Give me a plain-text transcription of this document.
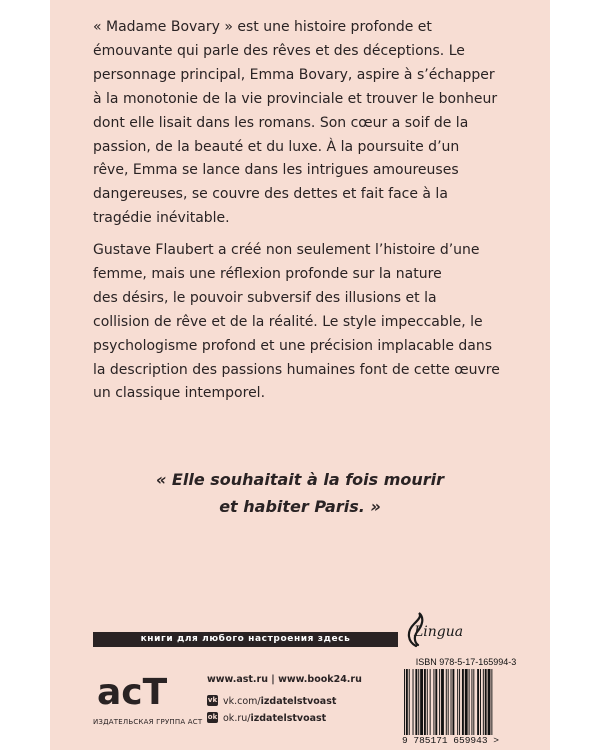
« Madame Bovary » est une histoire profonde et
émouvante qui parle des rêves et des déceptions. Le
personnage principal, Emma Bovary, aspire à s’échapper
à la monotonie de la vie provinciale et trouver le bonheur
dont elle lisait dans les romans. Son cœur a soif de la
passion, de la beauté et du luxe. À la poursuite d’un
rêve, Emma se lance dans les intrigues amoureuses
dangereuses, se couvre des dettes et fait face à la
tragédie inévitable.
Gustave Flaubert a créé non seulement l’histoire d’une
femme, mais une réflexion profonde sur la nature
des désirs, le pouvoir subversif des illusions et la
collision de rêve et de la réalité. Le style impeccable, le
psychologisme profond et une précision implacable dans
la description des passions humaines font de cette œuvre
un classique intemporel.
« Elle souhaitait à la fois mourir
et habiter Paris. »
книги для любого настроения здесь	Lingua
acT
ИЗДАТЕЛЬСКАЯ ГРУППА АСТ
www.ast.ru | www.book24.ru
vk vk.com/izdatelstvoast
ok ok.ru/izdatelstvoast
ISBN 978-5-17-165994-3
9 785171 659943 >
